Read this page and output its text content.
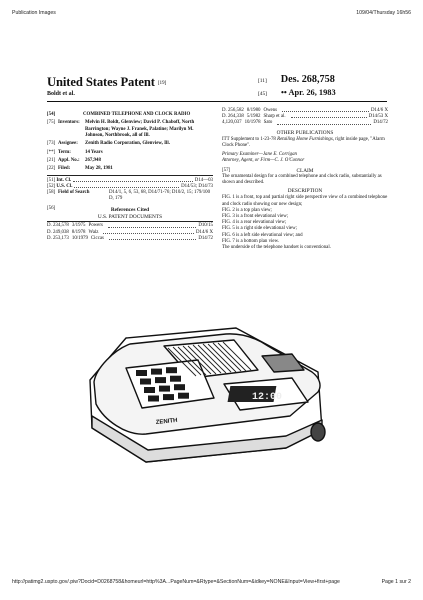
Publication Images	109/04/Thursday 16h56
United States Patent [19]
Boldt et al.
[11] Des. 268,758
[45] •• Apr. 26, 1983
[54]	COMBINED TELEPHONE AND CLOCK RADIO
[75] Inventors: Melvin H. Boldt, Glenview; David P. Chaboff, North Barrington; Wayne J. Franek, Palatine; Marilyn M. Johnson, Northbrook, all of Ill.
[73] Assignee: Zenith Radio Corporation, Glenview, Ill.
[**] Term:	14 Years
[21] Appl. No.: 267,948
[22] Filed:	May 28, 1981
[51]
Int. Cl.	D14—03
[52]
U.S. Cl.	D14/53; D14/73
[58] Field of Search	D14/1, 5, 6, 53, 68, D14/71-76; D10/2, 15; 179/100 D, 179
[56]	References Cited
U.S. PATENT DOCUMENTS
D. 234,578 3/1975 Powers	D10/15
D. 249,038 8/1978 Walz	D14/6 X
D. 253,173 10/1979 Ciccas	D14/72
D. 256,582 8/1980 Owens	D14/6 X
D. 264,338 5/1982 Sharp et al.	D14/53 X
4,120,037 10/1978 Sato	D14/72
OTHER PUBLICATIONS
ITT Supplement to 1-23-78 Retailing Home Furnishings, right inside page, "Alarm Clock Phone".
Primary Examiner—Jane E. Corrigan
Attorney, Agent, or Firm—C. J. O'Connor
[57]	CLAIM
The ornamental design for a combined telephone and clock radio, substantially as shown and described.
DESCRIPTION
FIG. 1 is a front, top and partial right side perspective view of a combined telephone and clock radio showing our new design;
FIG. 2 is a top plan view;
FIG. 3 is a front elevational view;
FIG. 4 is a rear elevational view;
FIG. 5 is a right side elevational view;
FIG. 6 is a left side elevational view; and
FIG. 7 is a bottom plan view.
The underside of the telephone handset is conventional.
12:00
ZENITH
http://patimg2.uspto.gov/.piw?Docid=D0268758&homeurl=http%3A...PageNum=&Rtype=&SectionNum=&idkey=NONE&Input=View+first+page	Page 1 sur 2
